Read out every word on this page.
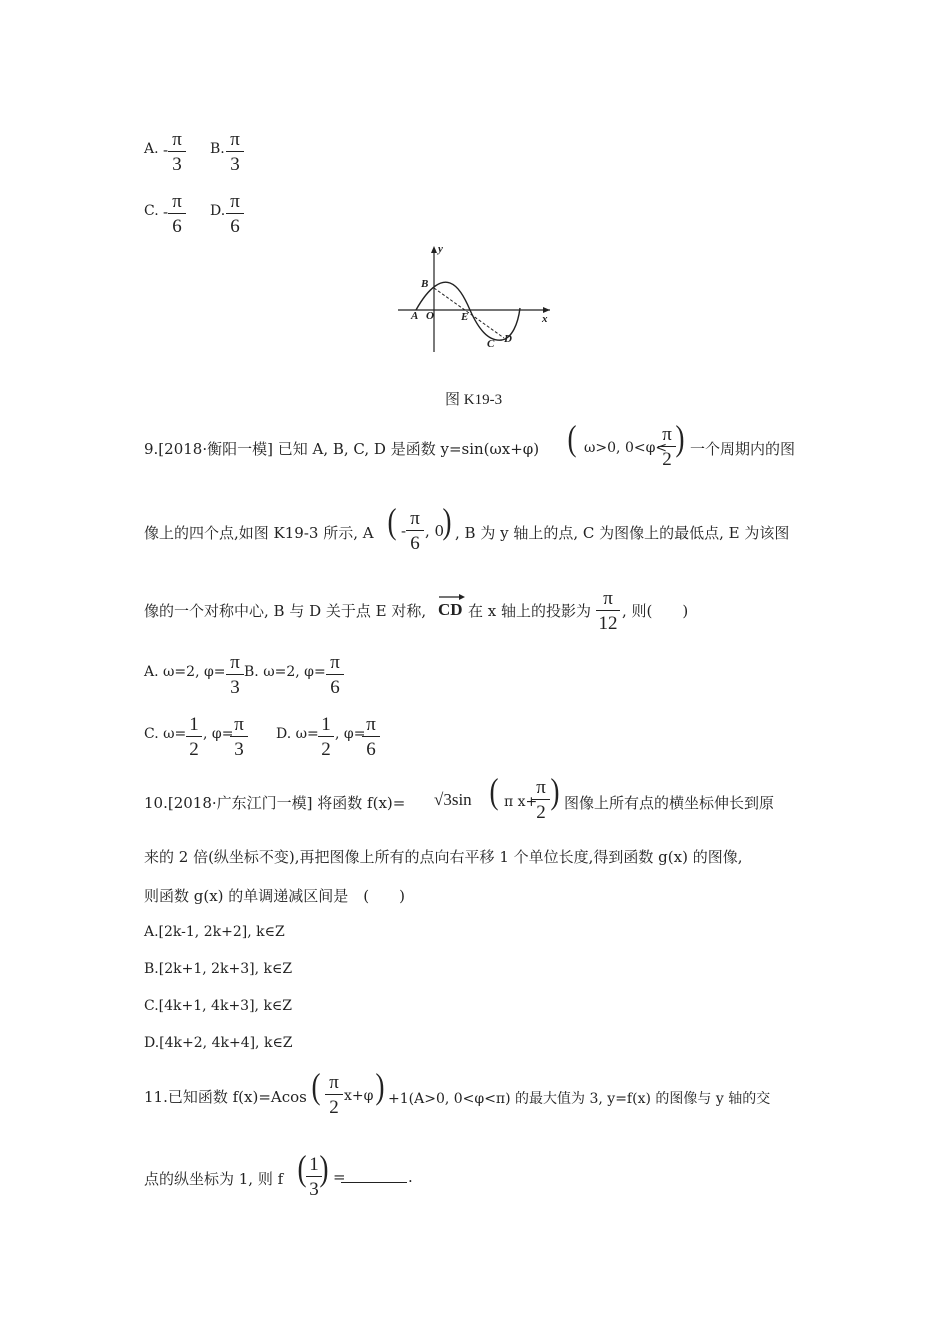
A. - $\frac{\pi}{3} B$. $\frac{\pi}{3}$
C. - $\frac{\pi}{6} D$. $\frac{\pi}{6}$
y
x
A O
B
E
C D
图 K19-3
9.[2018·衡阳一模] 已知 A, B, C, D 是函数 y=sin(ωx+φ) ( ω>0, 0<φ<
$\frac{\pi}{2}$ ) 一个周期内的图
像上的四个点,如图 K19-3 所示, A ( - $\frac{\pi}{6}$ , 0
) , B 为 y 轴上的点, C 为图像上的最低点, E 为该图
像的一个对称中心, B 与 D 关于点 E 对称, CD 在 x 轴上的投影为 $\frac{\pi}{12}$ , 则(　　)
A. ω=2, $\varphi= \frac{\pi}{3} B$. ω=2, $\varphi= \frac{\pi}{6}$
C. $\omega= \frac{1}{2}$ , φ=
$\frac{\pi}{3} D$. $\omega= \frac{1}{2}$ , φ=
$\frac{\pi}{6}$
10.[2018·广东江门一模] 将函数 f(x)= √3sin ( π x+
$\frac{\pi}{2}$ ) 图像上所有点的横坐标伸长到原
来的 2 倍(纵坐标不变),再把图像上所有的点向右平移 1 个单位长度,得到函数 g(x) 的图像,
则函数 g(x) 的单调递减区间是　(　　)
A.[2k-1, 2k+2], k∈Z
B.[2k+1, 2k+3], k∈Z
C.[4k+1, 4k+3], k∈Z
D.[4k+2, 4k+4], k∈Z
11.已知函数 f(x)=Acos ( $\frac{\pi}{2} x+\varphi$ ) +1(A>0, 0<φ<π) 的最大值为 3, y=f(x) 的图像与 y 轴的交
点的纵坐标为 1, 则 f ( $\frac{1}{3}$
) =	.
